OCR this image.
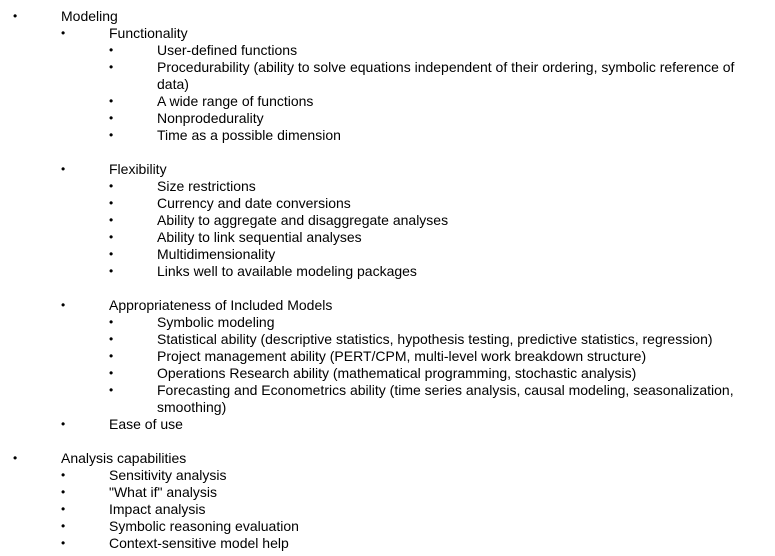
•	Modeling
•	Functionality
•	User-defined functions
•	Procedurability (ability to solve equations independent of their ordering, symbolic reference of data)
•	A wide range of functions
•	Nonprodedurality
•	Time as a possible dimension
•	Flexibility
•	Size restrictions
•	Currency and date conversions
•	Ability to aggregate and disaggregate analyses
•	Ability to link sequential analyses
•	Multidimensionality
•	Links well to available modeling packages
•	Appropriateness of Included Models
•	Symbolic modeling
•	Statistical ability (descriptive statistics, hypothesis testing, predictive statistics, regression)
•	Project management ability (PERT/CPM, multi-level work breakdown structure)
•	Operations Research ability (mathematical programming, stochastic analysis)
•	Forecasting and Econometrics ability (time series analysis, causal modeling, seasonalization, smoothing)
•	Ease of use
•	Analysis capabilities
•	Sensitivity analysis
•	"What if" analysis
•	Impact analysis
•	Symbolic reasoning evaluation
•	Context-sensitive model help
